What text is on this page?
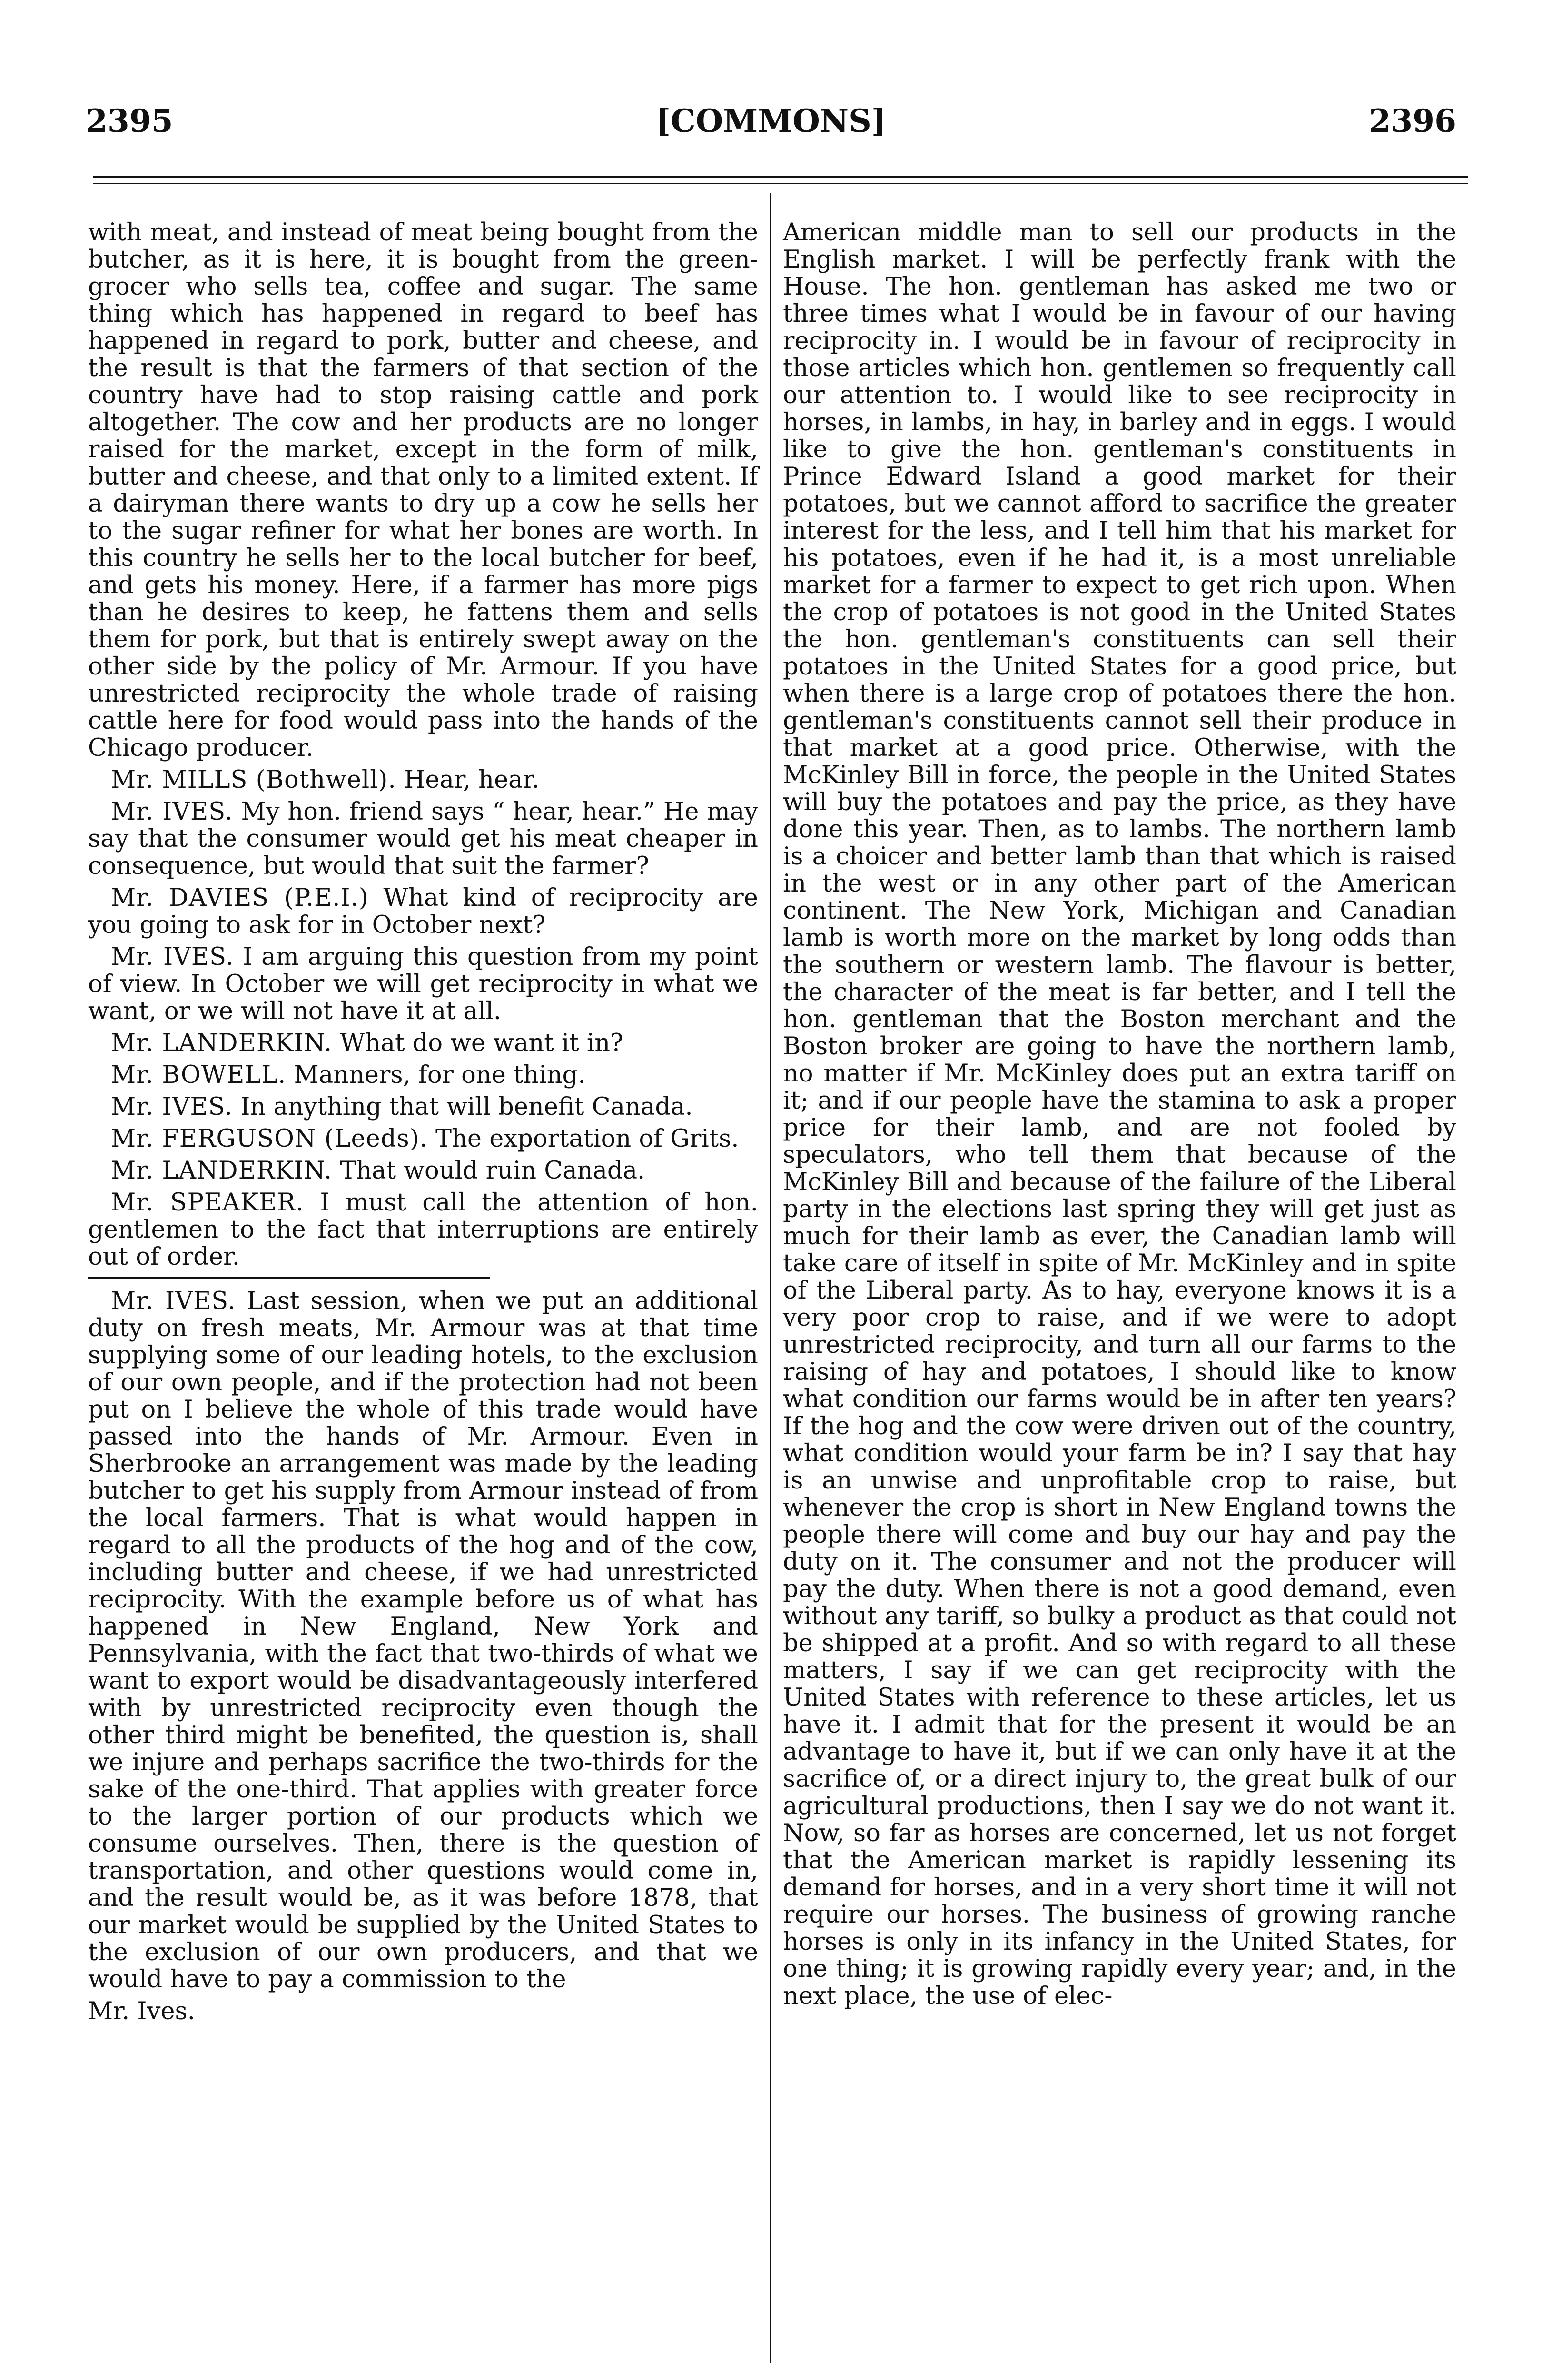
2395	[COMMONS]	2396

with meat, and instead of meat being bought from the butcher, as it is here, it is bought from the green-grocer who sells tea, coffee and sugar. The same thing which has happened in regard to beef has happened in regard to pork, butter and cheese, and the result is that the farmers of that section of the country have had to stop raising cattle and pork altogether. The cow and her products are no longer raised for the market, except in the form of milk, butter and cheese, and that only to a limited extent. If a dairyman there wants to dry up a cow he sells her to the sugar refiner for what her bones are worth. In this country he sells her to the local butcher for beef, and gets his money. Here, if a farmer has more pigs than he desires to keep, he fattens them and sells them for pork, but that is entirely swept away on the other side by the policy of Mr. Armour. If you have unrestricted reciprocity the whole trade of raising cattle here for food would pass into the hands of the Chicago producer.

Mr. MILLS (Bothwell). Hear, hear.

Mr. IVES. My hon. friend says “ hear, hear.” He may say that the consumer would get his meat cheaper in consequence, but would that suit the farmer?

Mr. DAVIES (P.E.I.) What kind of reciprocity are you going to ask for in October next?

Mr. IVES. I am arguing this question from my point of view. In October we will get reciprocity in what we want, or we will not have it at all.

Mr. LANDERKIN. What do we want it in?

Mr. BOWELL. Manners, for one thing.

Mr. IVES. In anything that will benefit Canada.

Mr. FERGUSON (Leeds). The exportation of Grits.

Mr. LANDERKIN. That would ruin Canada.

Mr. SPEAKER. I must call the attention of hon. gentlemen to the fact that interruptions are entirely out of order.

Mr. IVES. Last session, when we put an additional duty on fresh meats, Mr. Armour was at that time supplying some of our leading hotels, to the exclusion of our own people, and if the protection had not been put on I believe the whole of this trade would have passed into the hands of Mr. Armour. Even in Sherbrooke an arrangement was made by the leading butcher to get his supply from Armour instead of from the local farmers. That is what would happen in regard to all the products of the hog and of the cow, including butter and cheese, if we had unrestricted reciprocity. With the example before us of what has happened in New England, New York and Pennsylvania, with the fact that two-thirds of what we want to export would be disadvantageously interfered with by unrestricted reciprocity even though the other third might be benefited, the question is, shall we injure and perhaps sacrifice the two-thirds for the sake of the one-third. That applies with greater force to the larger portion of our products which we consume ourselves. Then, there is the question of transportation, and other questions would come in, and the result would be, as it was before 1878, that our market would be supplied by the United States to the exclusion of our own producers, and that we would have to pay a commission to the

Mr. Ives.

American middle man to sell our products in the English market. I will be perfectly frank with the House. The hon. gentleman has asked me two or three times what I would be in favour of our having reciprocity in. I would be in favour of reciprocity in those articles which hon. gentlemen so frequently call our attention to. I would like to see reciprocity in horses, in lambs, in hay, in barley and in eggs. I would like to give the hon. gentleman's constituents in Prince Edward Island a good market for their potatoes, but we cannot afford to sacrifice the greater interest for the less, and I tell him that his market for his potatoes, even if he had it, is a most unreliable market for a farmer to expect to get rich upon. When the crop of potatoes is not good in the United States the hon. gentleman's constituents can sell their potatoes in the United States for a good price, but when there is a large crop of potatoes there the hon. gentleman's constituents cannot sell their produce in that market at a good price. Otherwise, with the McKinley Bill in force, the people in the United States will buy the potatoes and pay the price, as they have done this year. Then, as to lambs. The northern lamb is a choicer and better lamb than that which is raised in the west or in any other part of the American continent. The New York, Michigan and Canadian lamb is worth more on the market by long odds than the southern or western lamb. The flavour is better, the character of the meat is far better, and I tell the hon. gentleman that the Boston merchant and the Boston broker are going to have the northern lamb, no matter if Mr. McKinley does put an extra tariff on it; and if our people have the stamina to ask a proper price for their lamb, and are not fooled by speculators, who tell them that because of the McKinley Bill and because of the failure of the Liberal party in the elections last spring they will get just as much for their lamb as ever, the Canadian lamb will take care of itself in spite of Mr. McKinley and in spite of the Liberal party. As to hay, everyone knows it is a very poor crop to raise, and if we were to adopt unrestricted reciprocity, and turn all our farms to the raising of hay and potatoes, I should like to know what condition our farms would be in after ten years? If the hog and the cow were driven out of the country, what condition would your farm be in? I say that hay is an unwise and unprofitable crop to raise, but whenever the crop is short in New England towns the people there will come and buy our hay and pay the duty on it. The consumer and not the producer will pay the duty. When there is not a good demand, even without any tariff, so bulky a product as that could not be shipped at a profit. And so with regard to all these matters, I say if we can get reciprocity with the United States with reference to these articles, let us have it. I admit that for the present it would be an advantage to have it, but if we can only have it at the sacrifice of, or a direct injury to, the great bulk of our agricultural productions, then I say we do not want it. Now, so far as horses are concerned, let us not forget that the American market is rapidly lessening its demand for horses, and in a very short time it will not require our horses. The business of growing ranche horses is only in its infancy in the United States, for one thing; it is growing rapidly every year; and, in the next place, the use of elec-
